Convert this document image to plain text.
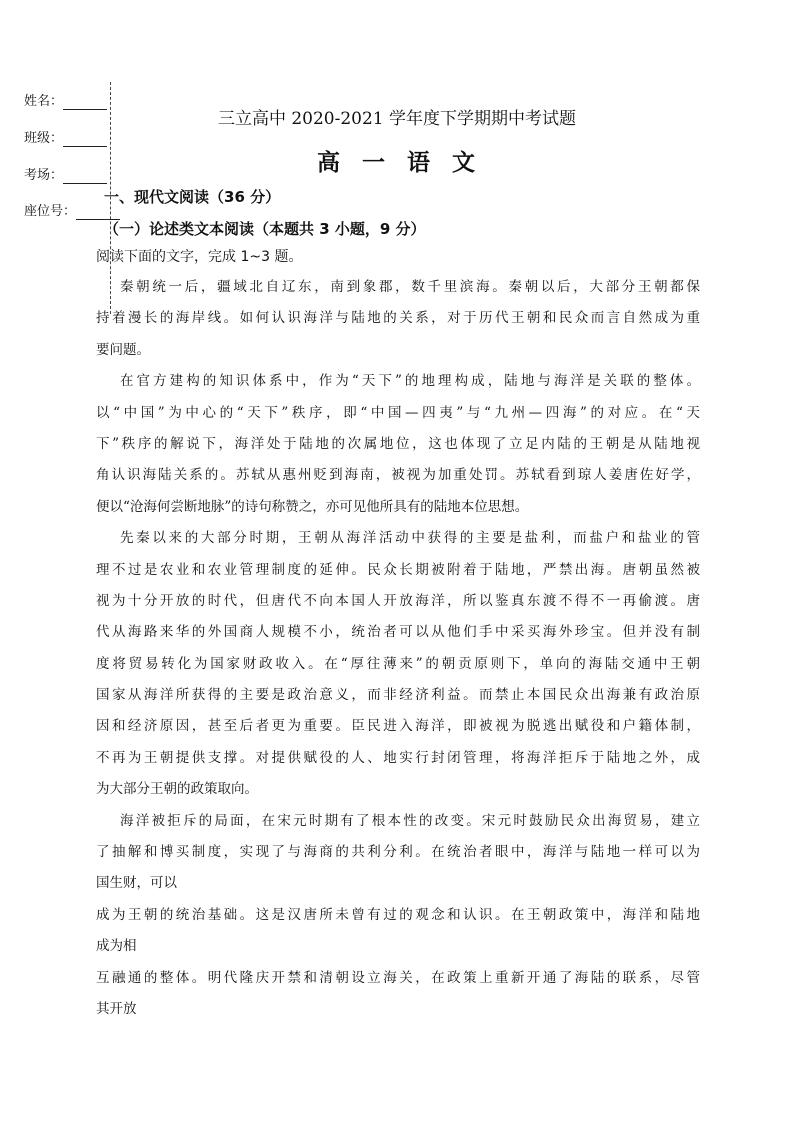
姓名：
班级：
考场：
座位号：
三立高中 2020-2021 学年度下学期期中考试题
高一语文
一、现代文阅读（36 分）
（一）论述类文本阅读（本题共 3 小题，9 分）
阅读下面的文字，完成 1~3 题。
秦朝统一后，疆域北自辽东，南到象郡，数千里滨海。秦朝以后，大部分王朝都保
持着漫长的海岸线。如何认识海洋与陆地的关系，对于历代王朝和民众而言自然成为重
要问题。
在官方建构的知识体系中，作为“天下”的地理构成，陆地与海洋是关联的整体。
以“中国”为中心的“天下”秩序，即“中国—四夷”与“九州—四海”的对应。在“天
下”秩序的解说下，海洋处于陆地的次属地位，这也体现了立足内陆的王朝是从陆地视
角认识海陆关系的。苏轼从惠州贬到海南，被视为加重处罚。苏轼看到琼人姜唐佐好学，
便以“沧海何尝断地脉”的诗句称赞之，亦可见他所具有的陆地本位思想。
先秦以来的大部分时期，王朝从海洋活动中获得的主要是盐利，而盐户和盐业的管
理不过是农业和农业管理制度的延伸。民众长期被附着于陆地，严禁出海。唐朝虽然被
视为十分开放的时代，但唐代不向本国人开放海洋，所以鉴真东渡不得不一再偷渡。唐
代从海路来华的外国商人规模不小，统治者可以从他们手中采买海外珍宝。但并没有制
度将贸易转化为国家财政收入。在“厚往薄来”的朝贡原则下，单向的海陆交通中王朝
国家从海洋所获得的主要是政治意义，而非经济利益。而禁止本国民众出海兼有政治原
因和经济原因，甚至后者更为重要。臣民进入海洋，即被视为脱逃出赋役和户籍体制，
不再为王朝提供支撑。对提供赋役的人、地实行封闭管理，将海洋拒斥于陆地之外，成
为大部分王朝的政策取向。
海洋被拒斥的局面，在宋元时期有了根本性的改变。宋元时鼓励民众出海贸易，建立
了抽解和博买制度，实现了与海商的共利分利。在统治者眼中，海洋与陆地一样可以为
国生财，可以
成为王朝的统治基础。这是汉唐所未曾有过的观念和认识。在王朝政策中，海洋和陆地
成为相
互融通的整体。明代隆庆开禁和清朝设立海关，在政策上重新开通了海陆的联系，尽管
其开放
